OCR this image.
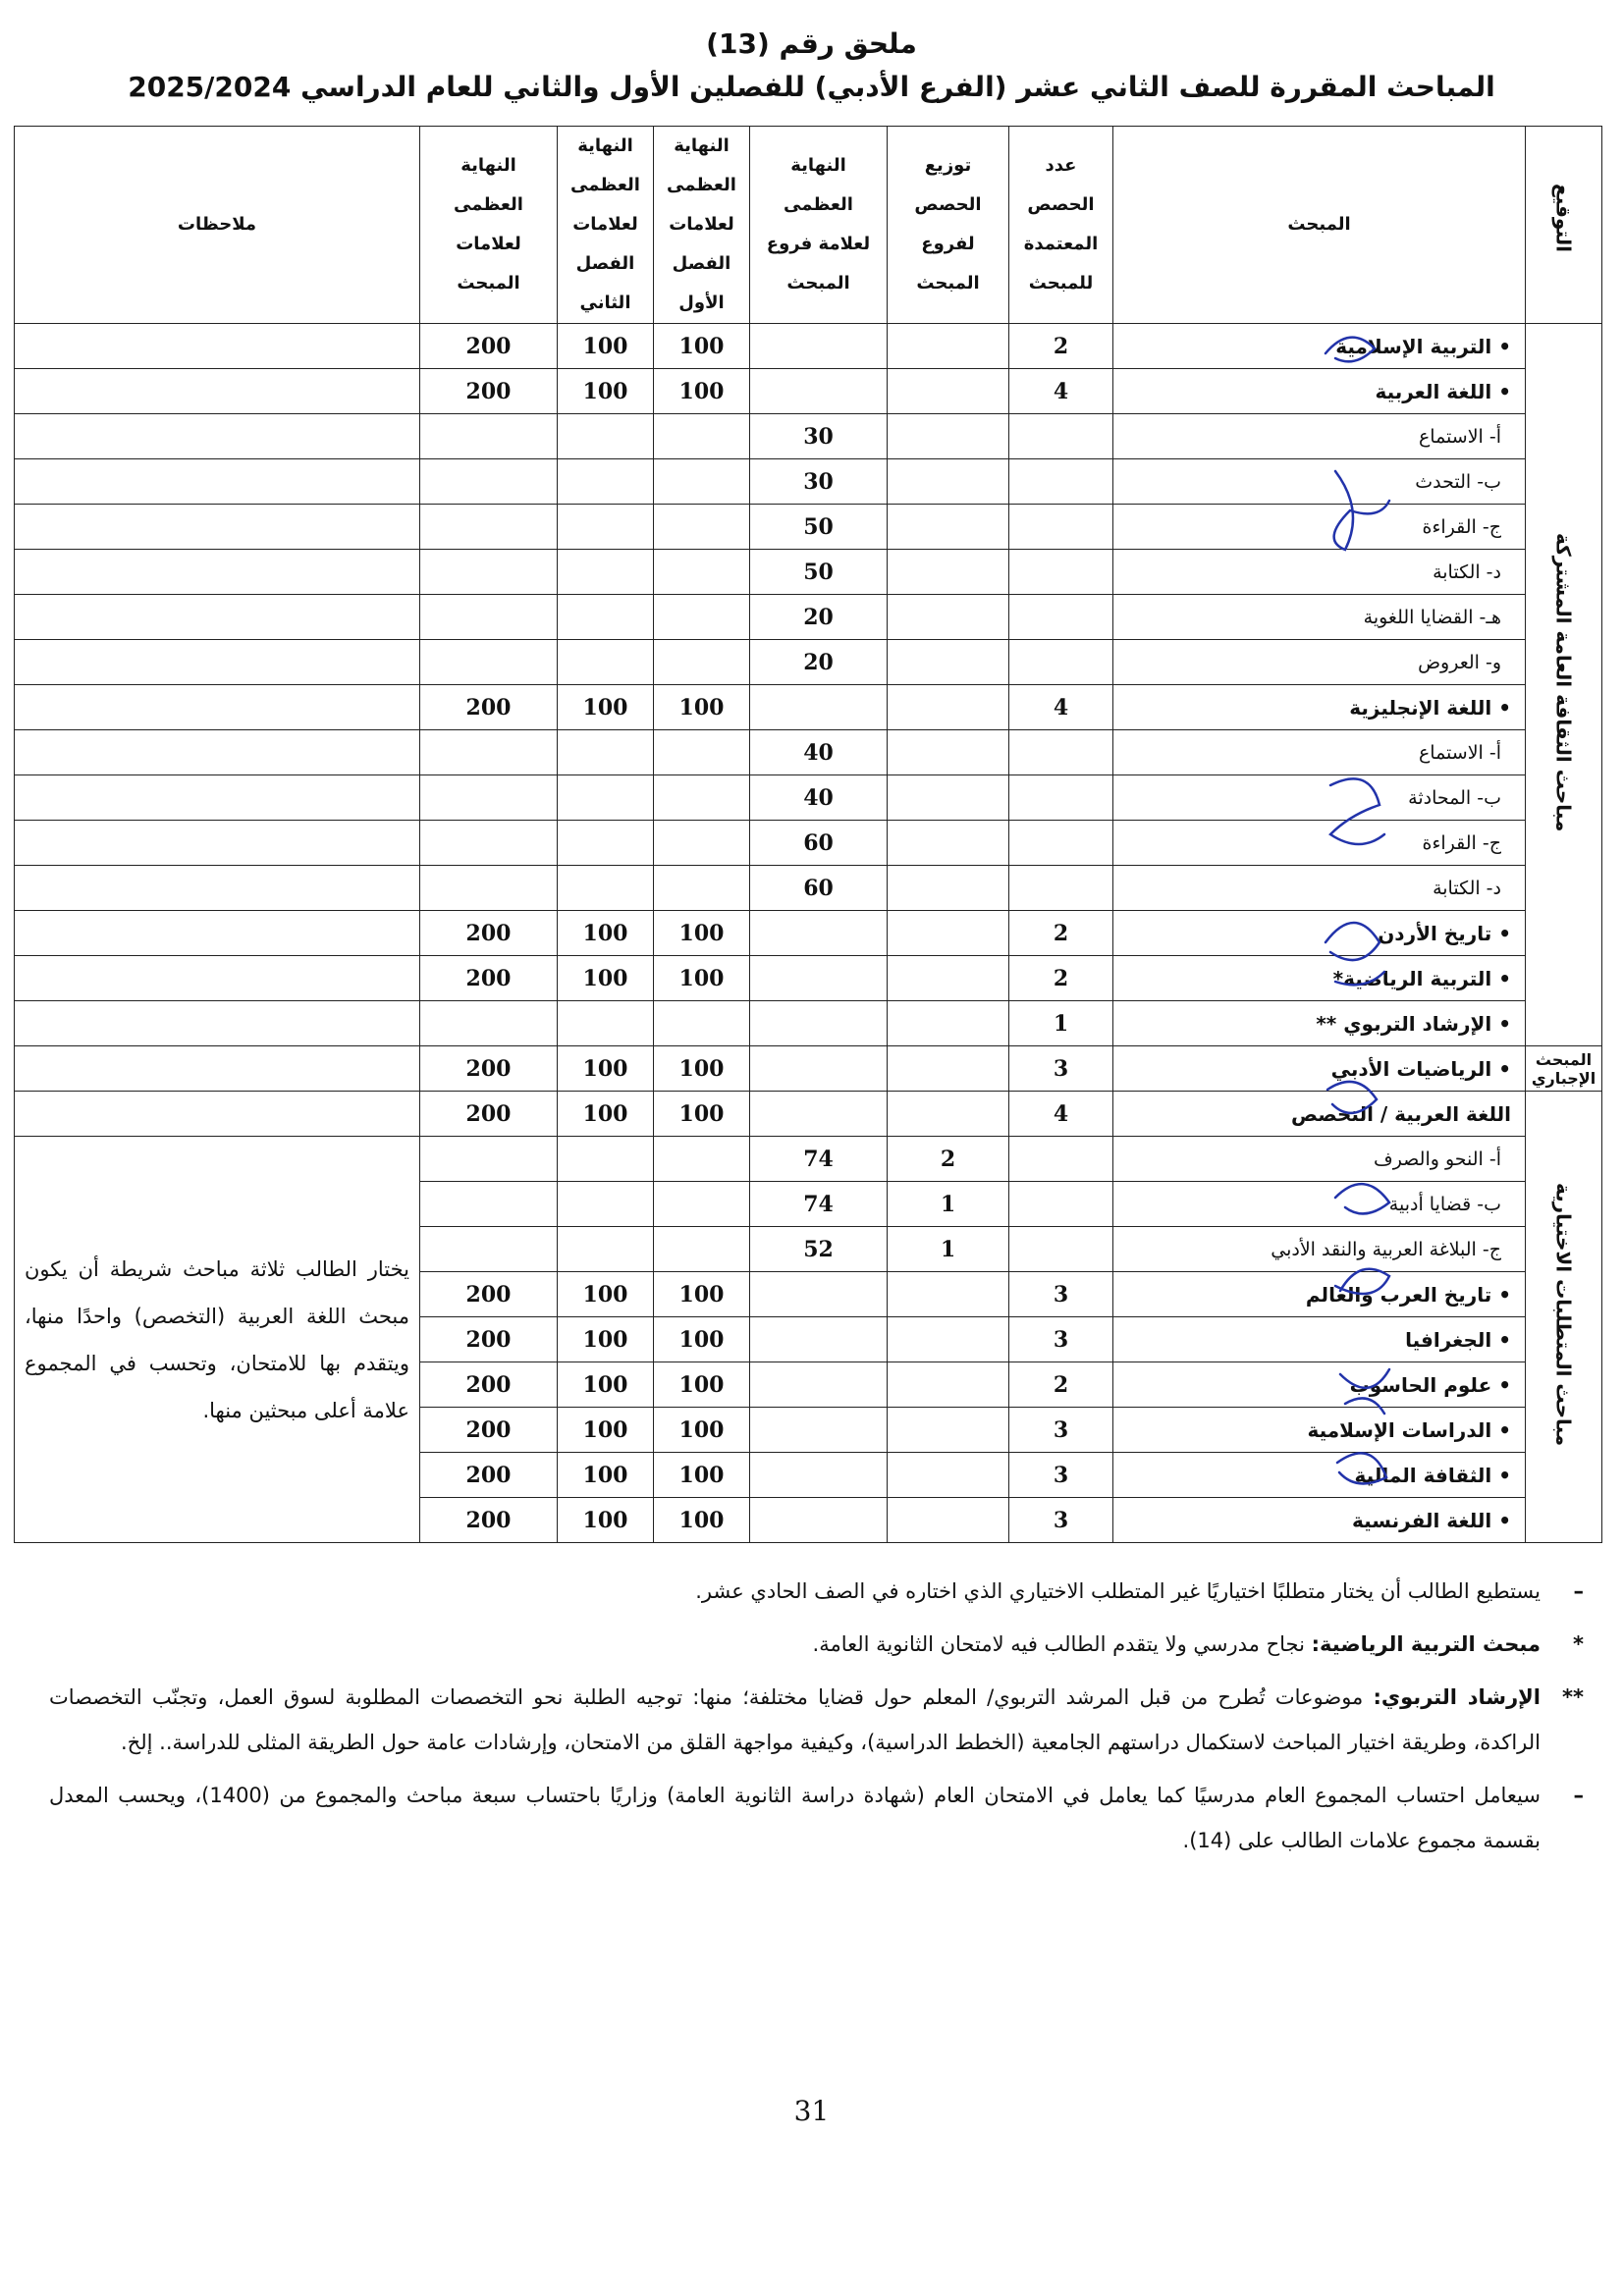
ملحق رقم (13)
المباحث المقررة للصف الثاني عشر (الفرع الأدبي) للفصلين الأول والثاني للعام الدراسي 2025/2024
التوقيع	المبحث	عدد الحصص المعتمدة للمبحث	توزيع الحصص لفروع المبحث	النهاية العظمى لعلامة فروع المبحث	النهاية العظمى لعلامات الفصل الأول	النهاية العظمى لعلامات الفصل الثاني	النهاية العظمى لعلامات المبحث	ملاحظات
مباحث الثقافة العامة المشتركة	• التربية الإسلامية	2			100	100	200	
	• اللغة العربية	4			100	100	200	
	أ- الاستماع			30				
	ب- التحدث			30				
	ج- القراءة			50				
	د- الكتابة			50				
	هـ- القضايا اللغوية			20				
	و- العروض			20				
	• اللغة الإنجليزية	4			100	100	200	
	أ- الاستماع			40				
	ب- المحادثة			40				
	ج- القراءة			60				
	د- الكتابة			60				
	• تاريخ الأردن	2			100	100	200	
	• التربية الرياضية*	2			100	100	200	
	• الإرشاد التربوي **	1						
المبحث الإجباري	• الرياضيات الأدبي	3			100	100	200	
مباحث المتطلبات الاختيارية	اللغة العربية / التخصص	4			100	100	200	
	أ- النحو والصرف		2	74				يختار الطالب ثلاثة مباحث شريطة أن يكون مبحث اللغة العربية (التخصص) واحدًا منها، ويتقدم بها للامتحان، وتحسب في المجموع علامة أعلى مبحثين منها.
	ب- قضايا أدبية		1	74				
	ج- البلاغة العربية والنقد الأدبي		1	52				
	• تاريخ العرب والعالم	3			100	100	200	
	• الجغرافيا	3			100	100	200	
	• علوم الحاسوب	2			100	100	200	
	• الدراسات الإسلامية	3			100	100	200	
	• الثقافة المالية	3			100	100	200	
	• اللغة الفرنسية	3			100	100	200	

–
يستطيع الطالب أن يختار متطلبًا اختياريًا غير المتطلب الاختياري الذي اختاره في الصف الحادي عشر.

*
مبحث التربية الرياضية: نجاح مدرسي ولا يتقدم الطالب فيه لامتحان الثانوية العامة.

**
الإرشاد التربوي: موضوعات تُطرح من قبل المرشد التربوي/ المعلم حول قضايا مختلفة؛ منها: توجيه الطلبة نحو التخصصات المطلوبة لسوق العمل، وتجنّب التخصصات الراكدة، وطريقة اختيار المباحث لاستكمال دراستهم الجامعية (الخطط الدراسية)، وكيفية مواجهة القلق من الامتحان، وإرشادات عامة حول الطريقة المثلى للدراسة.. إلخ.

–
سيعامل احتساب المجموع العام مدرسيًا كما يعامل في الامتحان العام (شهادة دراسة الثانوية العامة) وزاريًا باحتساب سبعة مباحث والمجموع من (1400)، ويحسب المعدل بقسمة مجموع علامات الطالب على (14).

31
